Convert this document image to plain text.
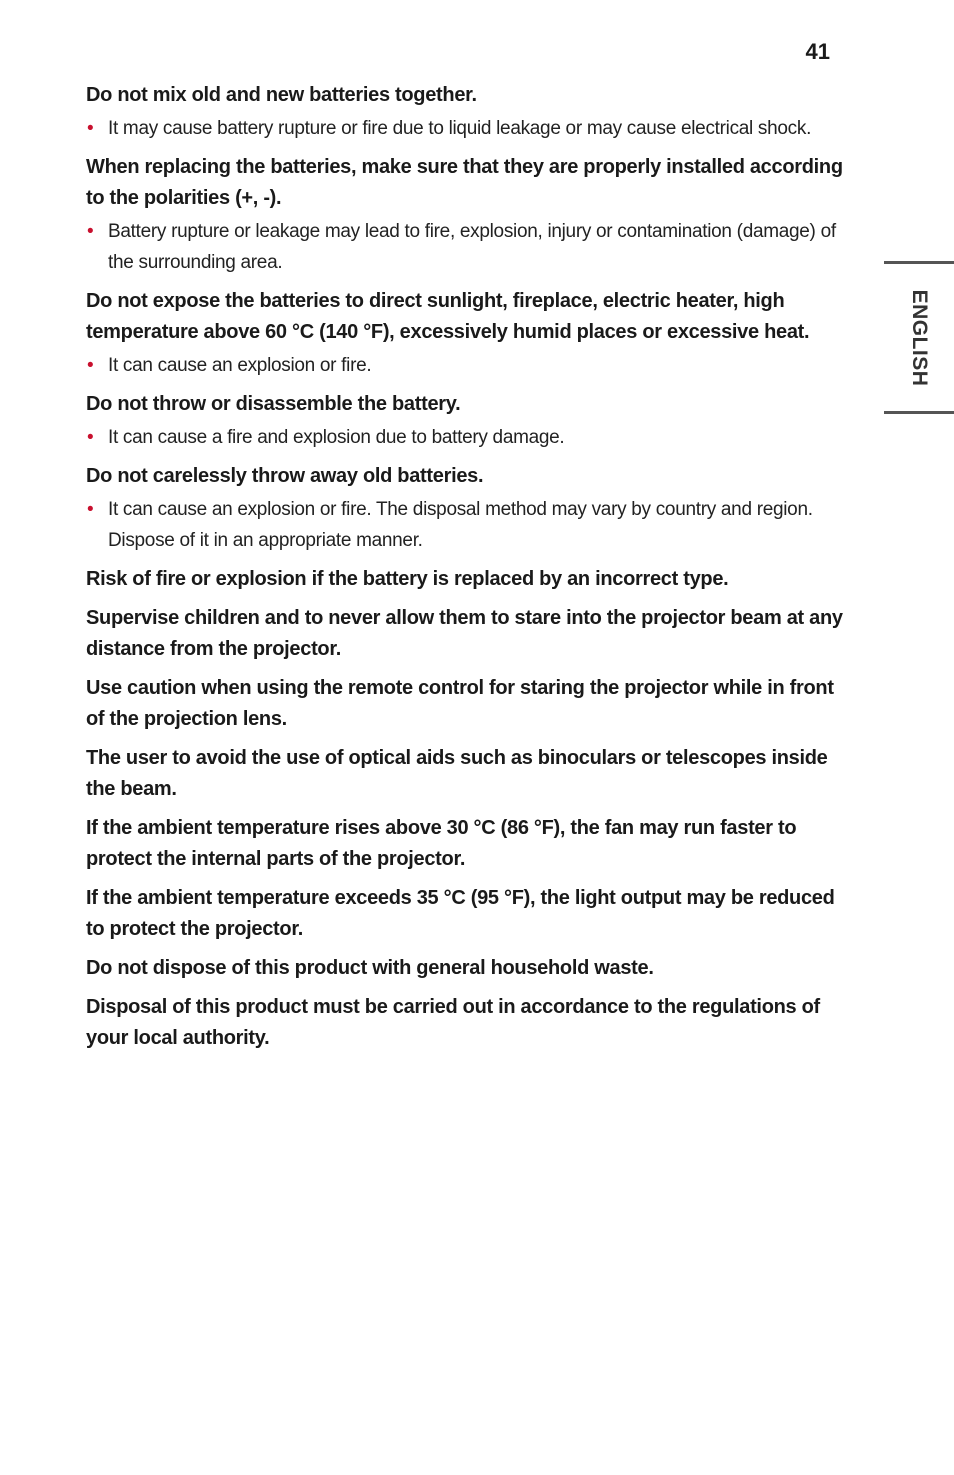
41
ENGLISH

Do not mix old and new batteries together.

• It may cause battery rupture or fire due to liquid leakage or may cause electrical shock.

When replacing the batteries, make sure that they are properly installed according to the polarities (+, -).

• Battery rupture or leakage may lead to fire, explosion, injury or contamination (damage) of the surrounding area.

Do not expose the batteries to direct sunlight, fireplace, electric heater, high temperature above 60 °C (140 °F), excessively humid places or excessive heat.

• It can cause an explosion or fire.

Do not throw or disassemble the battery.

• It can cause a fire and explosion due to battery damage.

Do not carelessly throw away old batteries.

• It can cause an explosion or fire. The disposal method may vary by country and region. Dispose of it in an appropriate manner.

Risk of fire or explosion if the battery is replaced by an incorrect type.

Supervise children and to never allow them to stare into the projector beam at any distance from the projector.

Use caution when using the remote control for staring the projector while in front of the projection lens.

The user to avoid the use of optical aids such as binoculars or telescopes inside the beam.

If the ambient temperature rises above 30 °C (86 °F), the fan may run faster to protect the internal parts of the projector.

If the ambient temperature exceeds 35 °C (95 °F), the light output may be reduced to protect the projector.

Do not dispose of this product with general household waste.

Disposal of this product must be carried out in accordance to the regulations of your local authority.
